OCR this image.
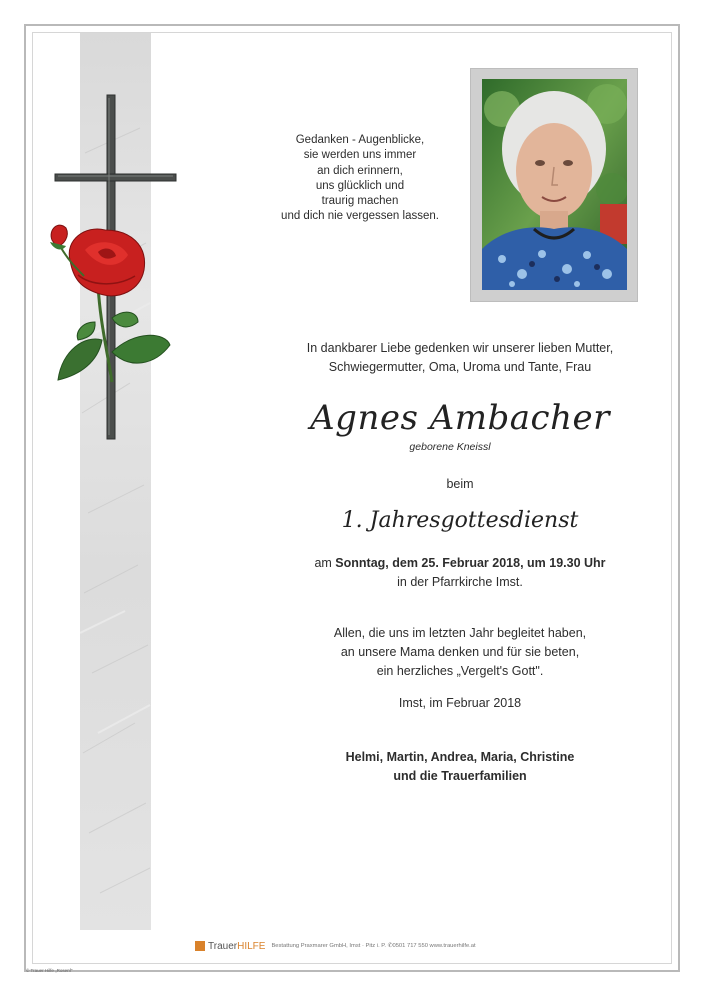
Gedanken - Augenblicke,
sie werden uns immer
an dich erinnern,
uns glücklich und
traurig machen
und dich nie vergessen lassen.
In dankbarer Liebe gedenken wir unserer lieben Mutter,
Schwiegermutter, Oma, Uroma und Tante, Frau
Agnes Ambacher
geborene Kneissl
beim
1. Jahresgottesdienst
am Sonntag, dem 25. Februar 2018, um 19.30 Uhr
in der Pfarrkirche Imst.
Allen, die uns im letzten Jahr begleitet haben,
an unsere Mama denken und für sie beten,
ein herzliches „Vergelt's Gott".
Imst, im Februar 2018
Helmi, Martin, Andrea, Maria, Christine
und die Trauerfamilien
TrauerHILFE Bestattung Praxmarer GmbH, Imst · Pitz i. P. ✆0501 717 550 www.trauerhilfe.at
© Trauer Hilfe „Rosenf"
